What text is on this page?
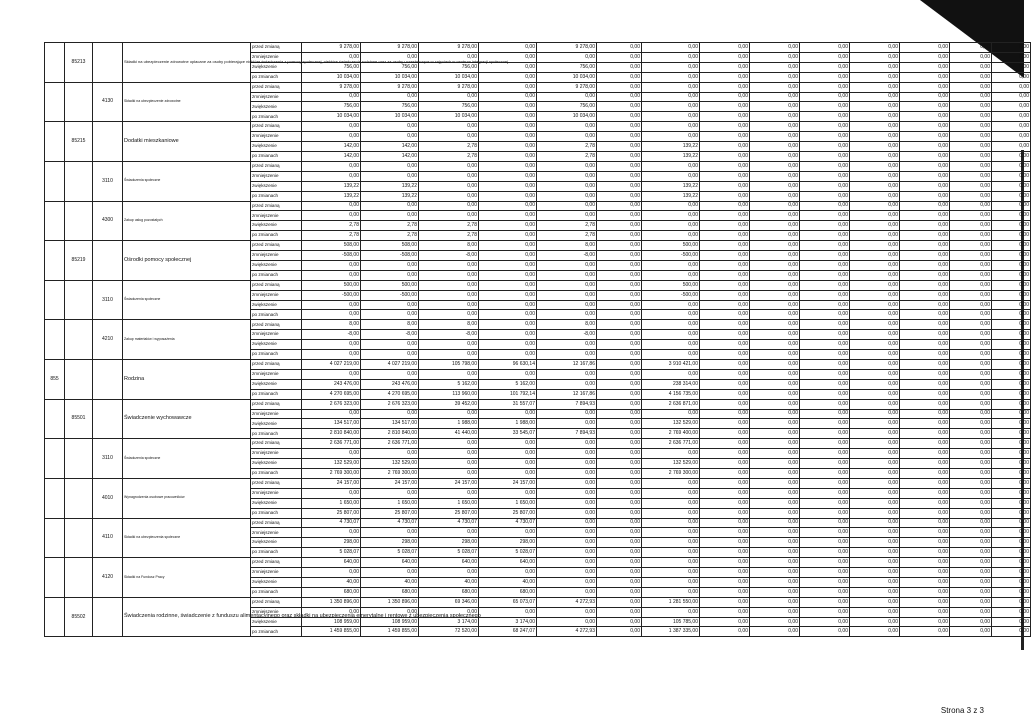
	85213		Składki na ubezpieczenie zdrowotne opłacane za osoby pobierające niektóre świadczenia z pomocy społecznej, niektóre świadczenia rodzinne oraz za osoby uczestniczące w zajęciach w centrum integracji społecznej	przed zmianą	9 278,00	9 278,00	9 278,00	0,00	9 278,00	0,00	0,00	0,00	0,00	0,00	0,00	0,00	0,00	0,00
				zmniejszenie	0,00	0,00	0,00	0,00	0,00	0,00	0,00	0,00	0,00	0,00	0,00	0,00	0,00	0,00
				zwiększenie	756,00	756,00	756,00	0,00	756,00	0,00	0,00	0,00	0,00	0,00	0,00	0,00	0,00	0,00
				po zmianach	10 034,00	10 034,00	10 034,00	0,00	10 034,00	0,00	0,00	0,00	0,00	0,00	0,00	0,00	0,00	0,00
		4130	Składki na ubezpieczenie zdrowotne	przed zmianą	9 278,00	9 278,00	9 278,00	0,00	9 278,00	0,00	0,00	0,00	0,00	0,00	0,00	0,00	0,00	0,00
				zmniejszenie	0,00	0,00	0,00	0,00	0,00	0,00	0,00	0,00	0,00	0,00	0,00	0,00	0,00	0,00
				zwiększenie	756,00	756,00	756,00	0,00	756,00	0,00	0,00	0,00	0,00	0,00	0,00	0,00	0,00	0,00
				po zmianach	10 034,00	10 034,00	10 034,00	0,00	10 034,00	0,00	0,00	0,00	0,00	0,00	0,00	0,00	0,00	0,00
	85215		Dodatki mieszkaniowe	przed zmianą	0,00	0,00	0,00	0,00	0,00	0,00	0,00	0,00	0,00	0,00	0,00	0,00	0,00	0,00
				zmniejszenie	0,00	0,00	0,00	0,00	0,00	0,00	0,00	0,00	0,00	0,00	0,00	0,00	0,00	0,00
				zwiększenie	142,00	142,00	2,78	0,00	2,78	0,00	139,22	0,00	0,00	0,00	0,00	0,00	0,00	0,00
				po zmianach	142,00	142,00	2,78	0,00	2,78	0,00	139,22	0,00	0,00	0,00	0,00	0,00	0,00	0,00
		3110	Świadczenia społeczne	przed zmianą	0,00	0,00	0,00	0,00	0,00	0,00	0,00	0,00	0,00	0,00	0,00	0,00	0,00	0,00
				zmniejszenie	0,00	0,00	0,00	0,00	0,00	0,00	0,00	0,00	0,00	0,00	0,00	0,00	0,00	0,00
				zwiększenie	139,22	139,22	0,00	0,00	0,00	0,00	139,22	0,00	0,00	0,00	0,00	0,00	0,00	0,00
				po zmianach	139,22	139,22	0,00	0,00	0,00	0,00	139,22	0,00	0,00	0,00	0,00	0,00	0,00	0,00
		4300	Zakup usług pozostałych	przed zmianą	0,00	0,00	0,00	0,00	0,00	0,00	0,00	0,00	0,00	0,00	0,00	0,00	0,00	0,00
				zmniejszenie	0,00	0,00	0,00	0,00	0,00	0,00	0,00	0,00	0,00	0,00	0,00	0,00	0,00	0,00
				zwiększenie	2,78	2,78	2,78	0,00	2,78	0,00	0,00	0,00	0,00	0,00	0,00	0,00	0,00	0,00
				po zmianach	2,78	2,78	2,78	0,00	2,78	0,00	0,00	0,00	0,00	0,00	0,00	0,00	0,00	0,00
	85219		Ośrodki pomocy społecznej	przed zmianą	508,00	508,00	8,00	0,00	8,00	0,00	500,00	0,00	0,00	0,00	0,00	0,00	0,00	0,00
				zmniejszenie	-508,00	-508,00	-8,00	0,00	-8,00	0,00	-500,00	0,00	0,00	0,00	0,00	0,00	0,00	0,00
				zwiększenie	0,00	0,00	0,00	0,00	0,00	0,00	0,00	0,00	0,00	0,00	0,00	0,00	0,00	0,00
				po zmianach	0,00	0,00	0,00	0,00	0,00	0,00	0,00	0,00	0,00	0,00	0,00	0,00	0,00	0,00
		3110	Świadczenia społeczne	przed zmianą	500,00	500,00	0,00	0,00	0,00	0,00	500,00	0,00	0,00	0,00	0,00	0,00	0,00	0,00
				zmniejszenie	-500,00	-500,00	0,00	0,00	0,00	0,00	-500,00	0,00	0,00	0,00	0,00	0,00	0,00	0,00
				zwiększenie	0,00	0,00	0,00	0,00	0,00	0,00	0,00	0,00	0,00	0,00	0,00	0,00	0,00	0,00
				po zmianach	0,00	0,00	0,00	0,00	0,00	0,00	0,00	0,00	0,00	0,00	0,00	0,00	0,00	0,00
		4210	Zakup materiałów i wyposażenia	przed zmianą	8,00	8,00	8,00	0,00	8,00	0,00	0,00	0,00	0,00	0,00	0,00	0,00	0,00	0,00
				zmniejszenie	-8,00	-8,00	-8,00	0,00	-8,00	0,00	0,00	0,00	0,00	0,00	0,00	0,00	0,00	0,00
				zwiększenie	0,00	0,00	0,00	0,00	0,00	0,00	0,00	0,00	0,00	0,00	0,00	0,00	0,00	0,00
				po zmianach	0,00	0,00	0,00	0,00	0,00	0,00	0,00	0,00	0,00	0,00	0,00	0,00	0,00	0,00
855			Rodzina	przed zmianą	4 027 219,00	4 027 219,00	105 798,00	96 630,14	12 167,86	0,00	3 910 421,00	0,00	0,00	0,00	0,00	0,00	0,00	0,00
				zmniejszenie	0,00	0,00	0,00	0,00	0,00	0,00	0,00	0,00	0,00	0,00	0,00	0,00	0,00	0,00
				zwiększenie	243 476,00	243 476,00	5 162,00	5 162,00	0,00	0,00	238 314,00	0,00	0,00	0,00	0,00	0,00	0,00	0,00
				po zmianach	4 270 695,00	4 270 695,00	113 960,00	101 792,14	12 167,86	0,00	4 156 735,00	0,00	0,00	0,00	0,00	0,00	0,00	0,00
	85501		Świadczenie wychowawcze	przed zmianą	2 676 323,00	2 676 323,00	39 452,00	31 557,07	7 894,93	0,00	2 636 871,00	0,00	0,00	0,00	0,00	0,00	0,00	0,00
				zmniejszenie	0,00	0,00	0,00	0,00	0,00	0,00	0,00	0,00	0,00	0,00	0,00	0,00	0,00	0,00
				zwiększenie	134 517,00	134 517,00	1 988,00	1 988,00	0,00	0,00	132 529,00	0,00	0,00	0,00	0,00	0,00	0,00	0,00
				po zmianach	2 810 840,00	2 810 840,00	41 440,00	33 545,07	7 894,93	0,00	2 769 400,00	0,00	0,00	0,00	0,00	0,00	0,00	0,00
		3110	Świadczenia społeczne	przed zmianą	2 636 771,00	2 636 771,00	0,00	0,00	0,00	0,00	2 636 771,00	0,00	0,00	0,00	0,00	0,00	0,00	0,00
				zmniejszenie	0,00	0,00	0,00	0,00	0,00	0,00	0,00	0,00	0,00	0,00	0,00	0,00	0,00	0,00
				zwiększenie	132 529,00	132 529,00	0,00	0,00	0,00	0,00	132 529,00	0,00	0,00	0,00	0,00	0,00	0,00	0,00
				po zmianach	2 769 300,00	2 769 300,00	0,00	0,00	0,00	0,00	2 769 300,00	0,00	0,00	0,00	0,00	0,00	0,00	0,00
		4010	Wynagrodzenia osobowe pracowników	przed zmianą	24 157,00	24 157,00	24 157,00	24 157,00	0,00	0,00	0,00	0,00	0,00	0,00	0,00	0,00	0,00	0,00
				zmniejszenie	0,00	0,00	0,00	0,00	0,00	0,00	0,00	0,00	0,00	0,00	0,00	0,00	0,00	0,00
				zwiększenie	1 650,00	1 650,00	1 650,00	1 650,00	0,00	0,00	0,00	0,00	0,00	0,00	0,00	0,00	0,00	0,00
				po zmianach	25 807,00	25 807,00	25 807,00	25 807,00	0,00	0,00	0,00	0,00	0,00	0,00	0,00	0,00	0,00	0,00
		4110	Składki na ubezpieczenia społeczne	przed zmianą	4 730,07	4 730,07	4 730,07	4 730,07	0,00	0,00	0,00	0,00	0,00	0,00	0,00	0,00	0,00	0,00
				zmniejszenie	0,00	0,00	0,00	0,00	0,00	0,00	0,00	0,00	0,00	0,00	0,00	0,00	0,00	0,00
				zwiększenie	298,00	298,00	298,00	298,00	0,00	0,00	0,00	0,00	0,00	0,00	0,00	0,00	0,00	0,00
				po zmianach	5 028,07	5 028,07	5 028,07	5 028,07	0,00	0,00	0,00	0,00	0,00	0,00	0,00	0,00	0,00	0,00
		4120	Składki na Fundusz Pracy	przed zmianą	640,00	640,00	640,00	640,00	0,00	0,00	0,00	0,00	0,00	0,00	0,00	0,00	0,00	0,00
				zmniejszenie	0,00	0,00	0,00	0,00	0,00	0,00	0,00	0,00	0,00	0,00	0,00	0,00	0,00	0,00
				zwiększenie	40,00	40,00	40,00	40,00	0,00	0,00	0,00	0,00	0,00	0,00	0,00	0,00	0,00	0,00
				po zmianach	680,00	680,00	680,00	680,00	0,00	0,00	0,00	0,00	0,00	0,00	0,00	0,00	0,00	0,00
	85502		Świadczenia rodzinne, świadczenie z funduszu alimentacyjnego oraz składki na ubezpieczenia emerytalne i rentowe z ubezpieczenia społecznego	przed zmianą	1 350 896,00	1 350 896,00	69 346,00	65 073,07	4 272,93	0,00	1 281 550,00	0,00	0,00	0,00	0,00	0,00	0,00	0,00
				zmniejszenie	0,00	0,00	0,00	0,00	0,00	0,00	0,00	0,00	0,00	0,00	0,00	0,00	0,00	0,00
				zwiększenie	108 959,00	108 959,00	3 174,00	3 174,00	0,00	0,00	105 785,00	0,00	0,00	0,00	0,00	0,00	0,00	0,00
				po zmianach	1 459 855,00	1 459 855,00	72 520,00	68 247,07	4 272,93	0,00	1 387 335,00	0,00	0,00	0,00	0,00	0,00	0,00	0,00
Strona 3 z 3
